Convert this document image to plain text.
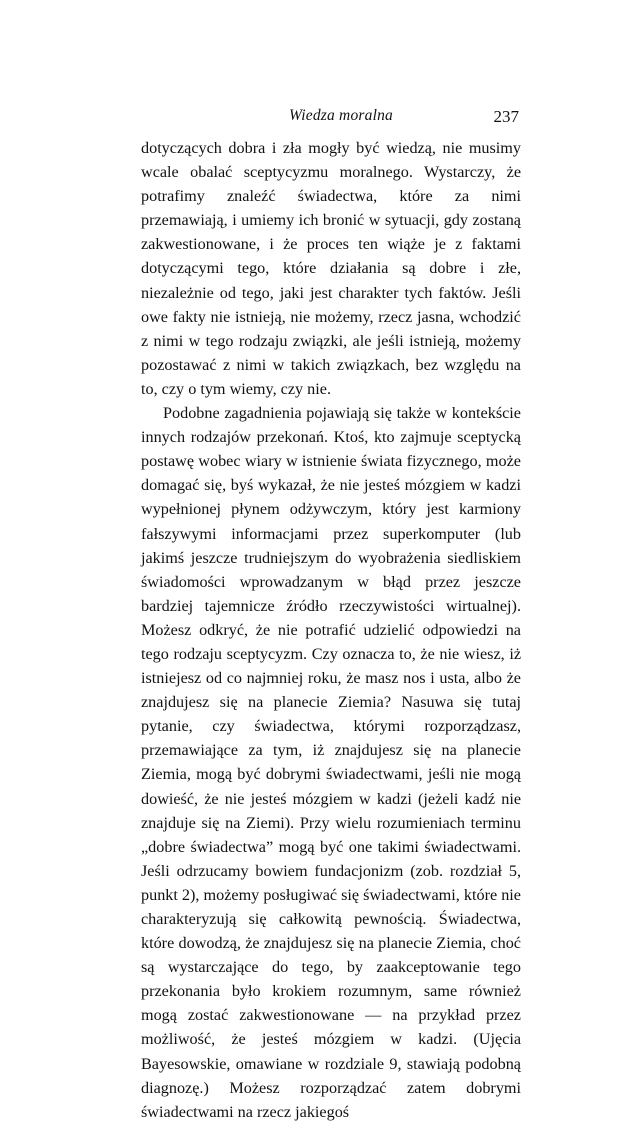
Wiedza moralna	237

dotyczących dobra i zła mogły być wiedzą, nie musimy wcale obalać sceptycyzmu moralnego. Wystarczy, że potrafimy znaleźć świadectwa, które za nimi przemawiają, i umiemy ich bronić w sytuacji, gdy zostaną zakwestionowane, i że proces ten wiąże je z faktami dotyczącymi tego, które działania są dobre i złe, niezależnie od tego, jaki jest charakter tych faktów. Jeśli owe fakty nie istnieją, nie możemy, rzecz jasna, wchodzić z nimi w tego rodzaju związki, ale jeśli istnieją, możemy pozostawać z nimi w takich związkach, bez względu na to, czy o tym wiemy, czy nie.

Podobne zagadnienia pojawiają się także w kontekście innych rodzajów przekonań. Ktoś, kto zajmuje sceptycką postawę wobec wiary w istnienie świata fizycznego, może domagać się, byś wykazał, że nie jesteś mózgiem w kadzi wypełnionej płynem odżywczym, który jest karmiony fałszywymi informacjami przez superkomputer (lub jakimś jeszcze trudniejszym do wyobrażenia siedliskiem świadomości wprowadzanym w błąd przez jeszcze bardziej tajemnicze źródło rzeczywistości wirtualnej). Możesz odkryć, że nie potrafić udzielić odpowiedzi na tego rodzaju sceptycyzm. Czy oznacza to, że nie wiesz, iż istniejesz od co najmniej roku, że masz nos i usta, albo że znajdujesz się na planecie Ziemia? Nasuwa się tutaj pytanie, czy świadectwa, którymi rozporządzasz, przemawiające za tym, iż znajdujesz się na planecie Ziemia, mogą być dobrymi świadectwami, jeśli nie mogą dowieść, że nie jesteś mózgiem w kadzi (jeżeli kadź nie znajduje się na Ziemi). Przy wielu rozumieniach terminu „dobre świadectwa” mogą być one takimi świadectwami. Jeśli odrzucamy bowiem fundacjonizm (zob. rozdział 5, punkt 2), możemy posługiwać się świadectwami, które nie charakteryzują się całkowitą pewnością. Świadectwa, które dowodzą, że znajdujesz się na planecie Ziemia, choć są wystarczające do tego, by zaakceptowanie tego przekonania było krokiem rozumnym, same również mogą zostać zakwestionowane — na przykład przez możliwość, że jesteś mózgiem w kadzi. (Ujęcia Bayesowskie, omawiane w rozdziale 9, stawiają podobną diagnozę.) Możesz rozporządzać zatem dobrymi świadectwami na rzecz jakiegoś
